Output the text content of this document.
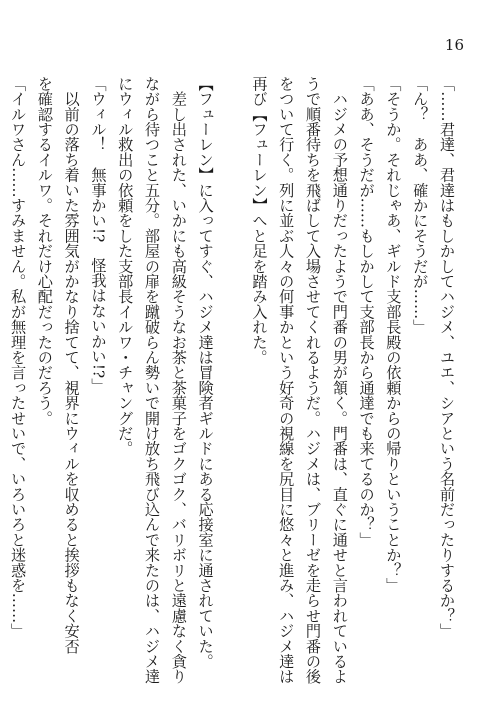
16
「……君達、君達はもしかしてハジメ、ユエ、シアという名前だったりするか？」
「ん？　ああ、確かにそうだが……」
「そうか。それじゃあ、ギルド支部長殿の依頼からの帰りということか？」
「ああ、そうだが……もしかして支部長から通達でも来てるのか？」
　ハジメの予想通りだったようで門番の男が頷く。門番は、直ぐに通せと言われているよ
うで順番待ちを飛ばして入場させてくれるようだ。ハジメは、ブリーゼを走らせ門番の後
をついて行く。列に並ぶ人々の何事かという好奇の視線を尻目に悠々と進み、ハジメ達は
再び【フューレン】へと足を踏み入れた。
【フューレン】に入ってすぐ、ハジメ達は冒険者ギルドにある応接室に通されていた。
　差し出された、いかにも高級そうなお茶と茶菓子をゴクゴク、バリボリと遠慮なく貪り
ながら待つこと五分。部屋の扉を蹴破らん勢いで開け放ち飛び込んで来たのは、ハジメ達
にウィル救出の依頼をした支部長イルワ・チャングだ。
「ウィル！　無事かい!?　怪我はないかい!?」
　以前の落ち着いた雰囲気がかなり捨てて、視界にウィルを収めると挨拶もなく安否
を確認するイルワ。それだけ心配だったのだろう。
「イルワさん……すみません。私が無理を言ったせいで、いろいろと迷惑を……」
